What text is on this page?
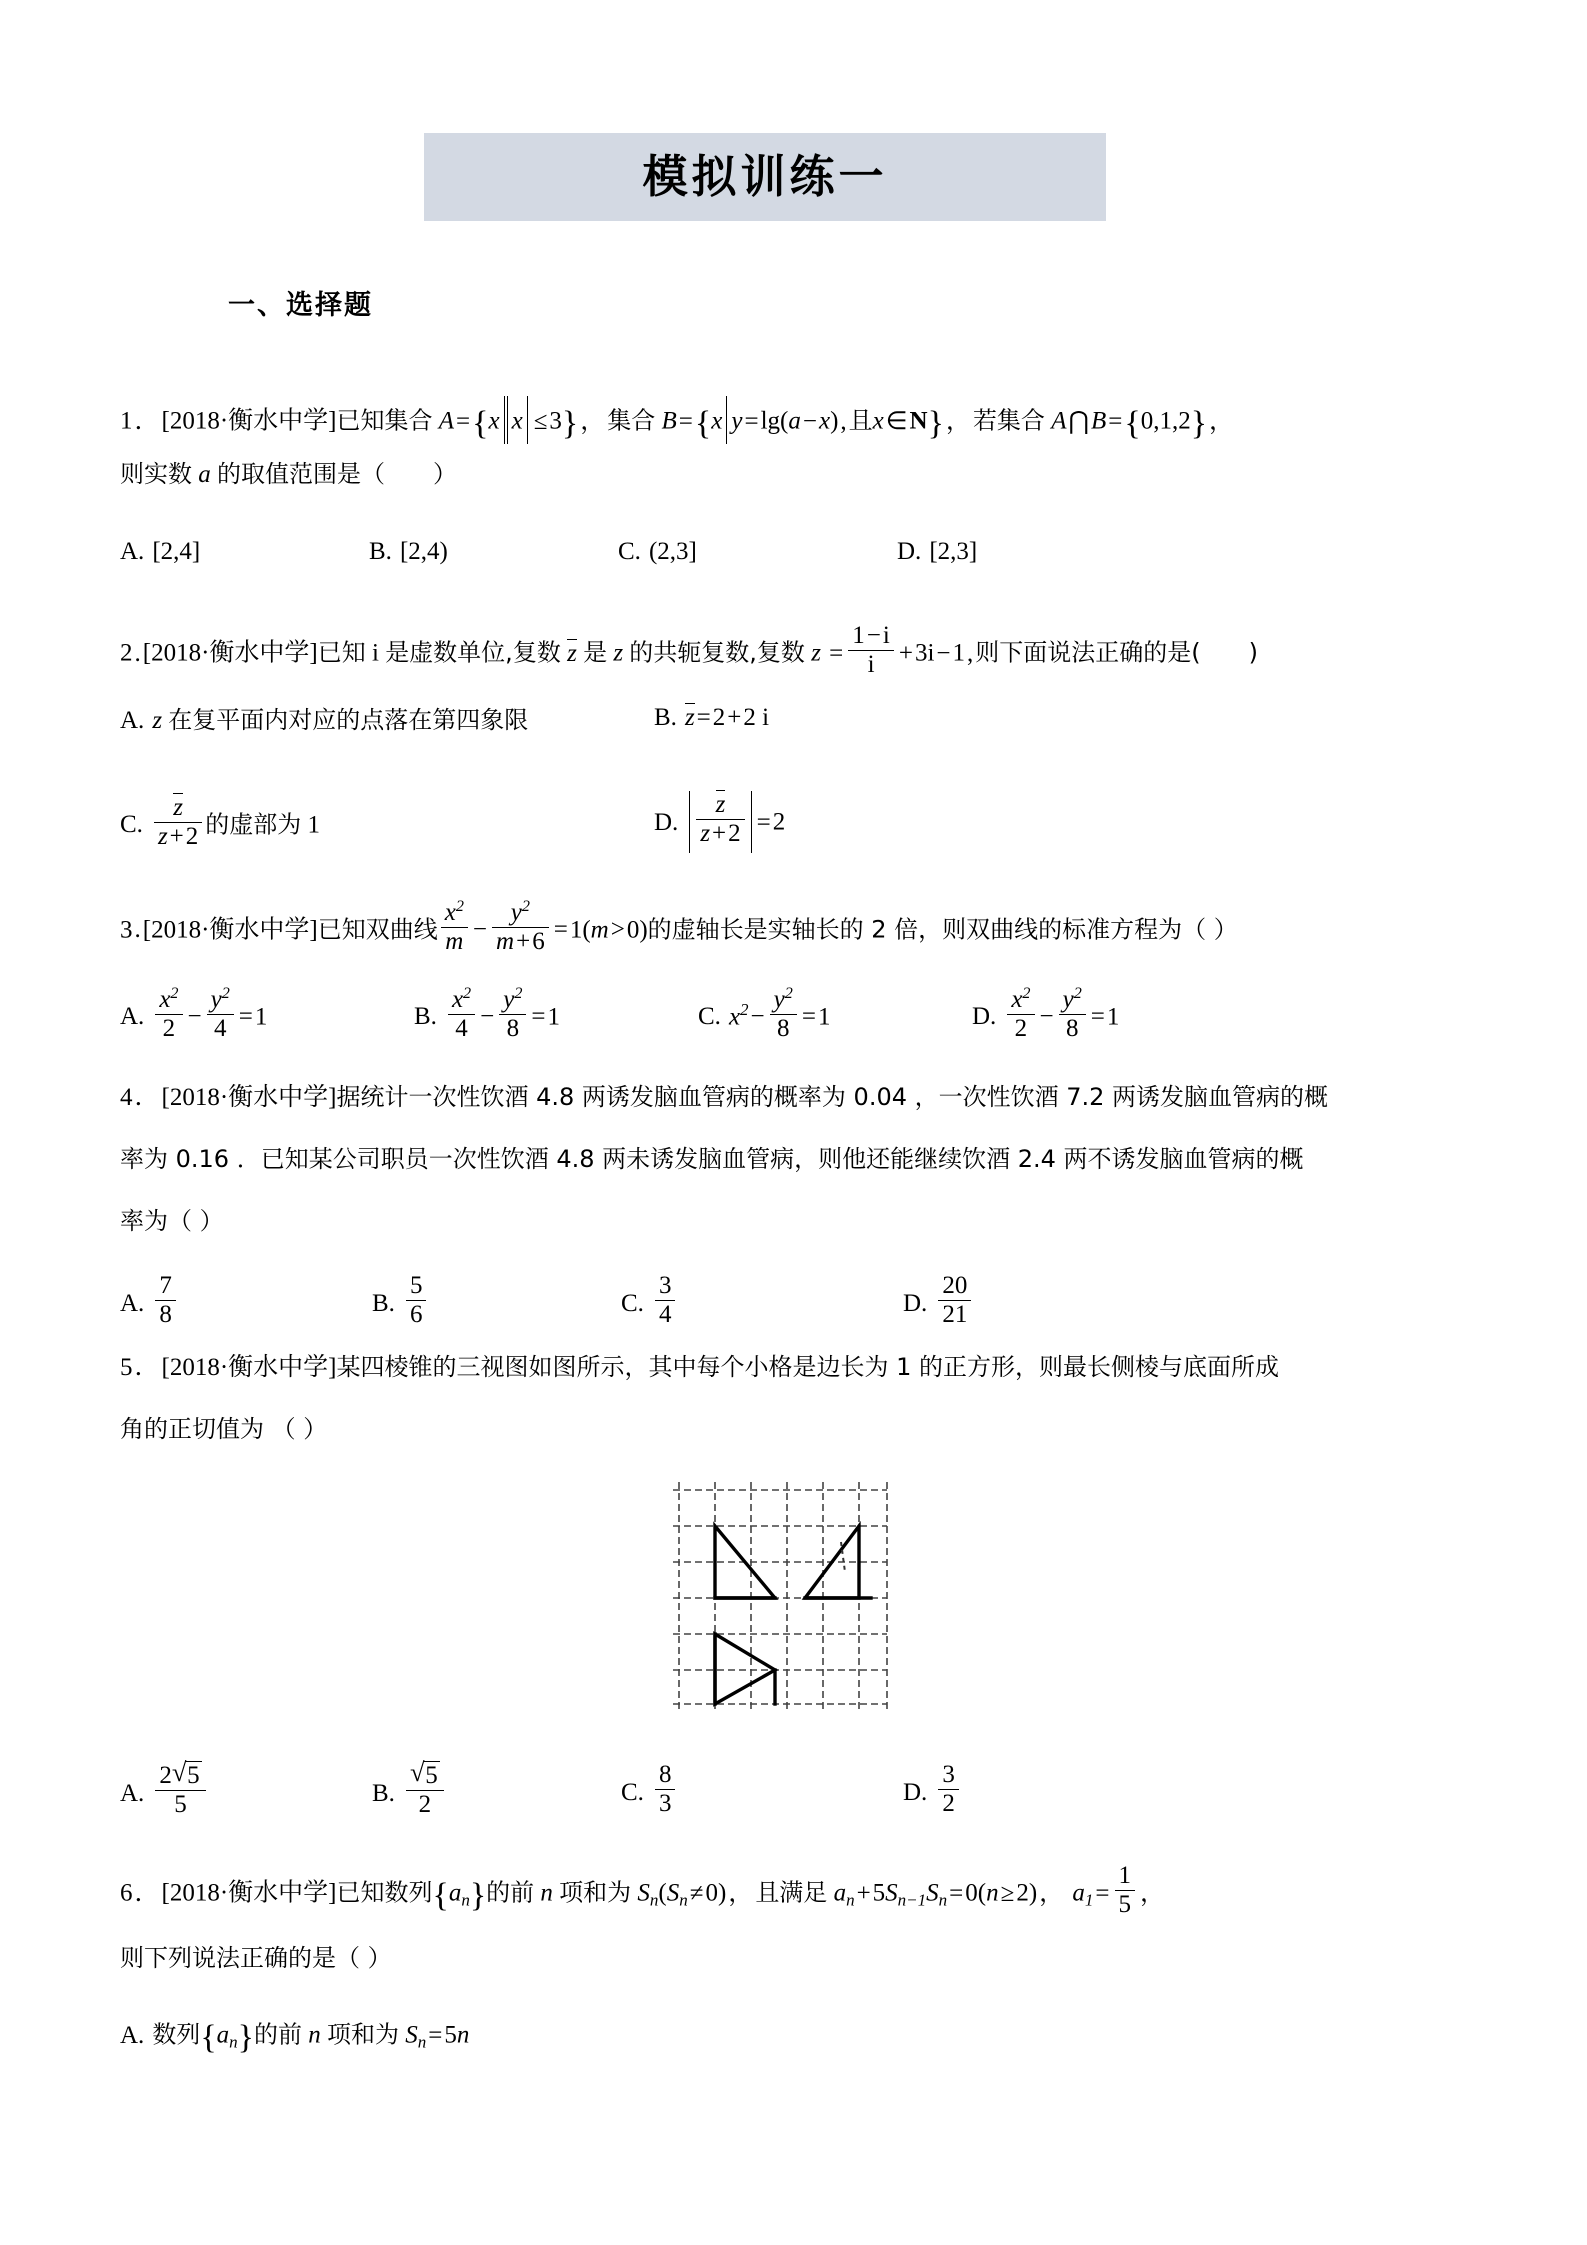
模拟训练一
一、选择题
1．[2018·衡水中学]已知集合 A={x x ≤3}，集合 B={x y=lg(a−x),且x∈N}，若集合 A⋂B={0,1,2}，
则实数 a 的取值范围是（　　）
A. [2,4]	B. [2,4)	C. (2,3]	D. [2,3]
2.[2018·衡水中学]已知 i 是虚数单位,复数 z 是 z 的共轭复数,复数 $z = \frac{1-i}{i} +3i-1$,则下面说法正确的是(　　)
A. z 在复平面内对应的点落在第四象限	B. z=2+2 i
C. $\frac{z}{z+2}$ 的虚部为 1	D. $\frac{z}{z+2} =2$
3.[2018·衡水中学]已知双曲线 $\frac{x^2}{m} - \frac{y^2}{m+6} =1(m>0)$的虚轴长是实轴长的 2 倍，则双曲线的标准方程为（ ）
A. $\frac{x^2}{2} - \frac{y^2}{4} =1$	B. $\frac{x^2}{4} - \frac{y^2}{8} =1$	C. $x^2- \frac{y^2}{8} =1$	D. $\frac{x^2}{2} - \frac{y^2}{8} =1$
4．[2018·衡水中学]据统计一次性饮酒 4.8 两诱发脑血管病的概率为 0.04 ，一次性饮酒 7.2 两诱发脑血管病的概
率为 0.16 ．已知某公司职员一次性饮酒 4.8 两未诱发脑血管病，则他还能继续饮酒 2.4 两不诱发脑血管病的概
率为（ ）
A. $\frac{7}{8}$	B. $\frac{5}{6}$	C. $\frac{3}{4}$	D. $\frac{20}{21}$
5．[2018·衡水中学]某四棱锥的三视图如图所示，其中每个小格是边长为 1 的正方形，则最长侧棱与底面所成
角的正切值为 （ ）
A. $\frac{2 √ 5}{5}$	B. $\frac{√ 5}{2}$	C. $\frac{8}{3}$	D. $\frac{3}{2}$
6．[2018·衡水中学]已知数列$\{a_n\}$的前 n 项和为 $S_n(S_n\ne 0)$，且满足 $a_n+5S_{n-1}S_n=0(n\ge 2)$， $a_1= \frac{1}{5}$ ，
则下列说法正确的是（ ）
A. 数列$\{a_n\}$的前 n 项和为 $S_n=5n$
